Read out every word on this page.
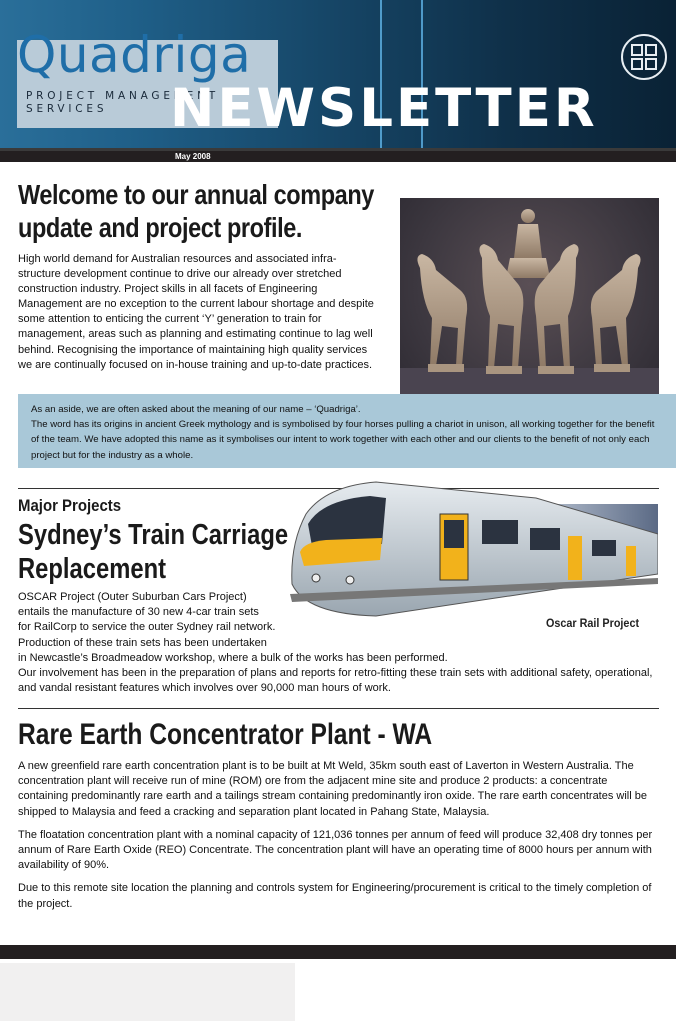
Quadriga
PROJECT MANAGEMENT SERVICES	NEWSLETTER
May 2008
Welcome to our annual company update and project profile.
High world demand for Australian resources and associated infra-structure development continue to drive our already over stretched construction industry. Project skills in all facets of Engineering Management are no exception to the current labour shortage and despite some attention to enticing the current ‘Y’ generation to train for management, areas such as planning and estimating continue to lag well behind. Recognising the importance of maintaining high quality services we are continually focused on in-house training and up-to-date practices.
As an aside, we are often asked about the meaning of our name – ‘Quadriga’.
The word has its origins in ancient Greek mythology and is symbolised by four horses pulling a chariot in unison, all working together for the benefit of the team. We have adopted this name as it symbolises our intent to work together with each other and our clients to the benefit of not only each project but for the industry as a whole.
Major Projects
Sydney’s Train Carriage Replacement
Oscar Rail Project
OSCAR Project (Outer Suburban Cars Project)
entails the manufacture of 30 new 4-car train sets
for RailCorp to service the outer Sydney rail network.
Production of these train sets has been undertaken
in Newcastle’s Broadmeadow workshop, where a bulk of the works has been performed.
Our involvement has been in the preparation of plans and reports for retro-fitting these train sets with additional safety, operational, and vandal resistant features which involves over 90,000 man hours of work.
Rare Earth Concentrator Plant - WA

A new greenfield rare earth concentration plant is to be built at Mt Weld, 35km south east of Laverton in Western Australia. The concentration plant will receive run of mine (ROM) ore from the adjacent mine site and produce 2 products: a concentrate containing predominantly rare earth and a tailings stream containing predominantly iron oxide. The rare earth concentrates will be shipped to Malaysia and feed a cracking and separation plant located in Pahang State, Malaysia.

The floatation concentration plant with a nominal capacity of 121,036 tonnes per annum of feed will produce 32,408 dry tonnes per annum of Rare Earth Oxide (REO) Concentrate. The concentration plant will have an operating time of 8000 hours per annum with availability of 90%.

Due to this remote site location the planning and controls system for Engineering/procurement is critical to the timely completion of the project.
